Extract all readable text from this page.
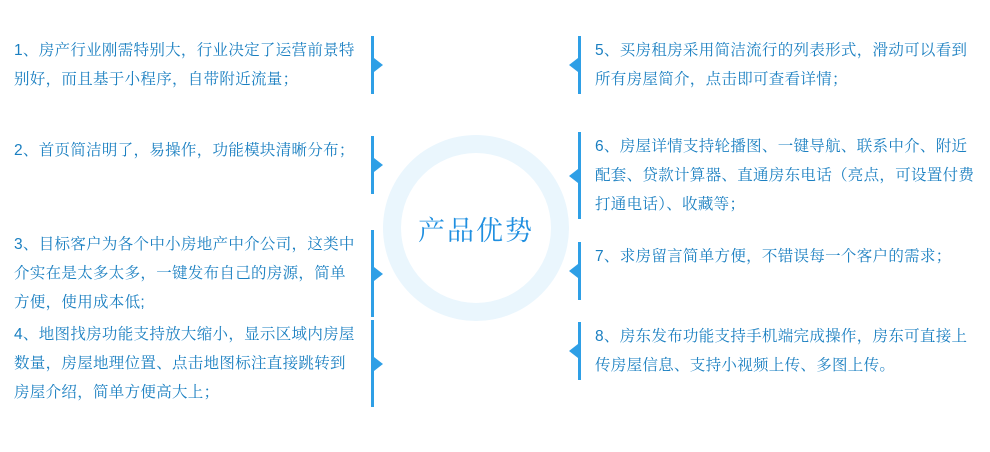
产品优势
1、房产行业刚需特别大，行业决定了运营前景特别好，而且基于小程序，自带附近流量；
2、首页简洁明了，易操作，功能模块清晰分布；
3、目标客户为各个中小房地产中介公司，这类中介实在是太多太多，一键发布自己的房源，简单方便，使用成本低;
4、地图找房功能支持放大缩小，显示区域内房屋数量，房屋地理位置、点击地图标注直接跳转到房屋介绍，简单方便高大上；
5、买房租房采用简洁流行的列表形式，滑动可以看到所有房屋简介，点击即可查看详情；
6、房屋详情支持轮播图、一键导航、联系中介、附近配套、贷款计算器、直通房东电话（亮点，可设置付费打通电话）、收藏等；
7、求房留言简单方便，不错误每一个客户的需求；
8、房东发布功能支持手机端完成操作，房东可直接上传房屋信息、支持小视频上传、多图上传。
